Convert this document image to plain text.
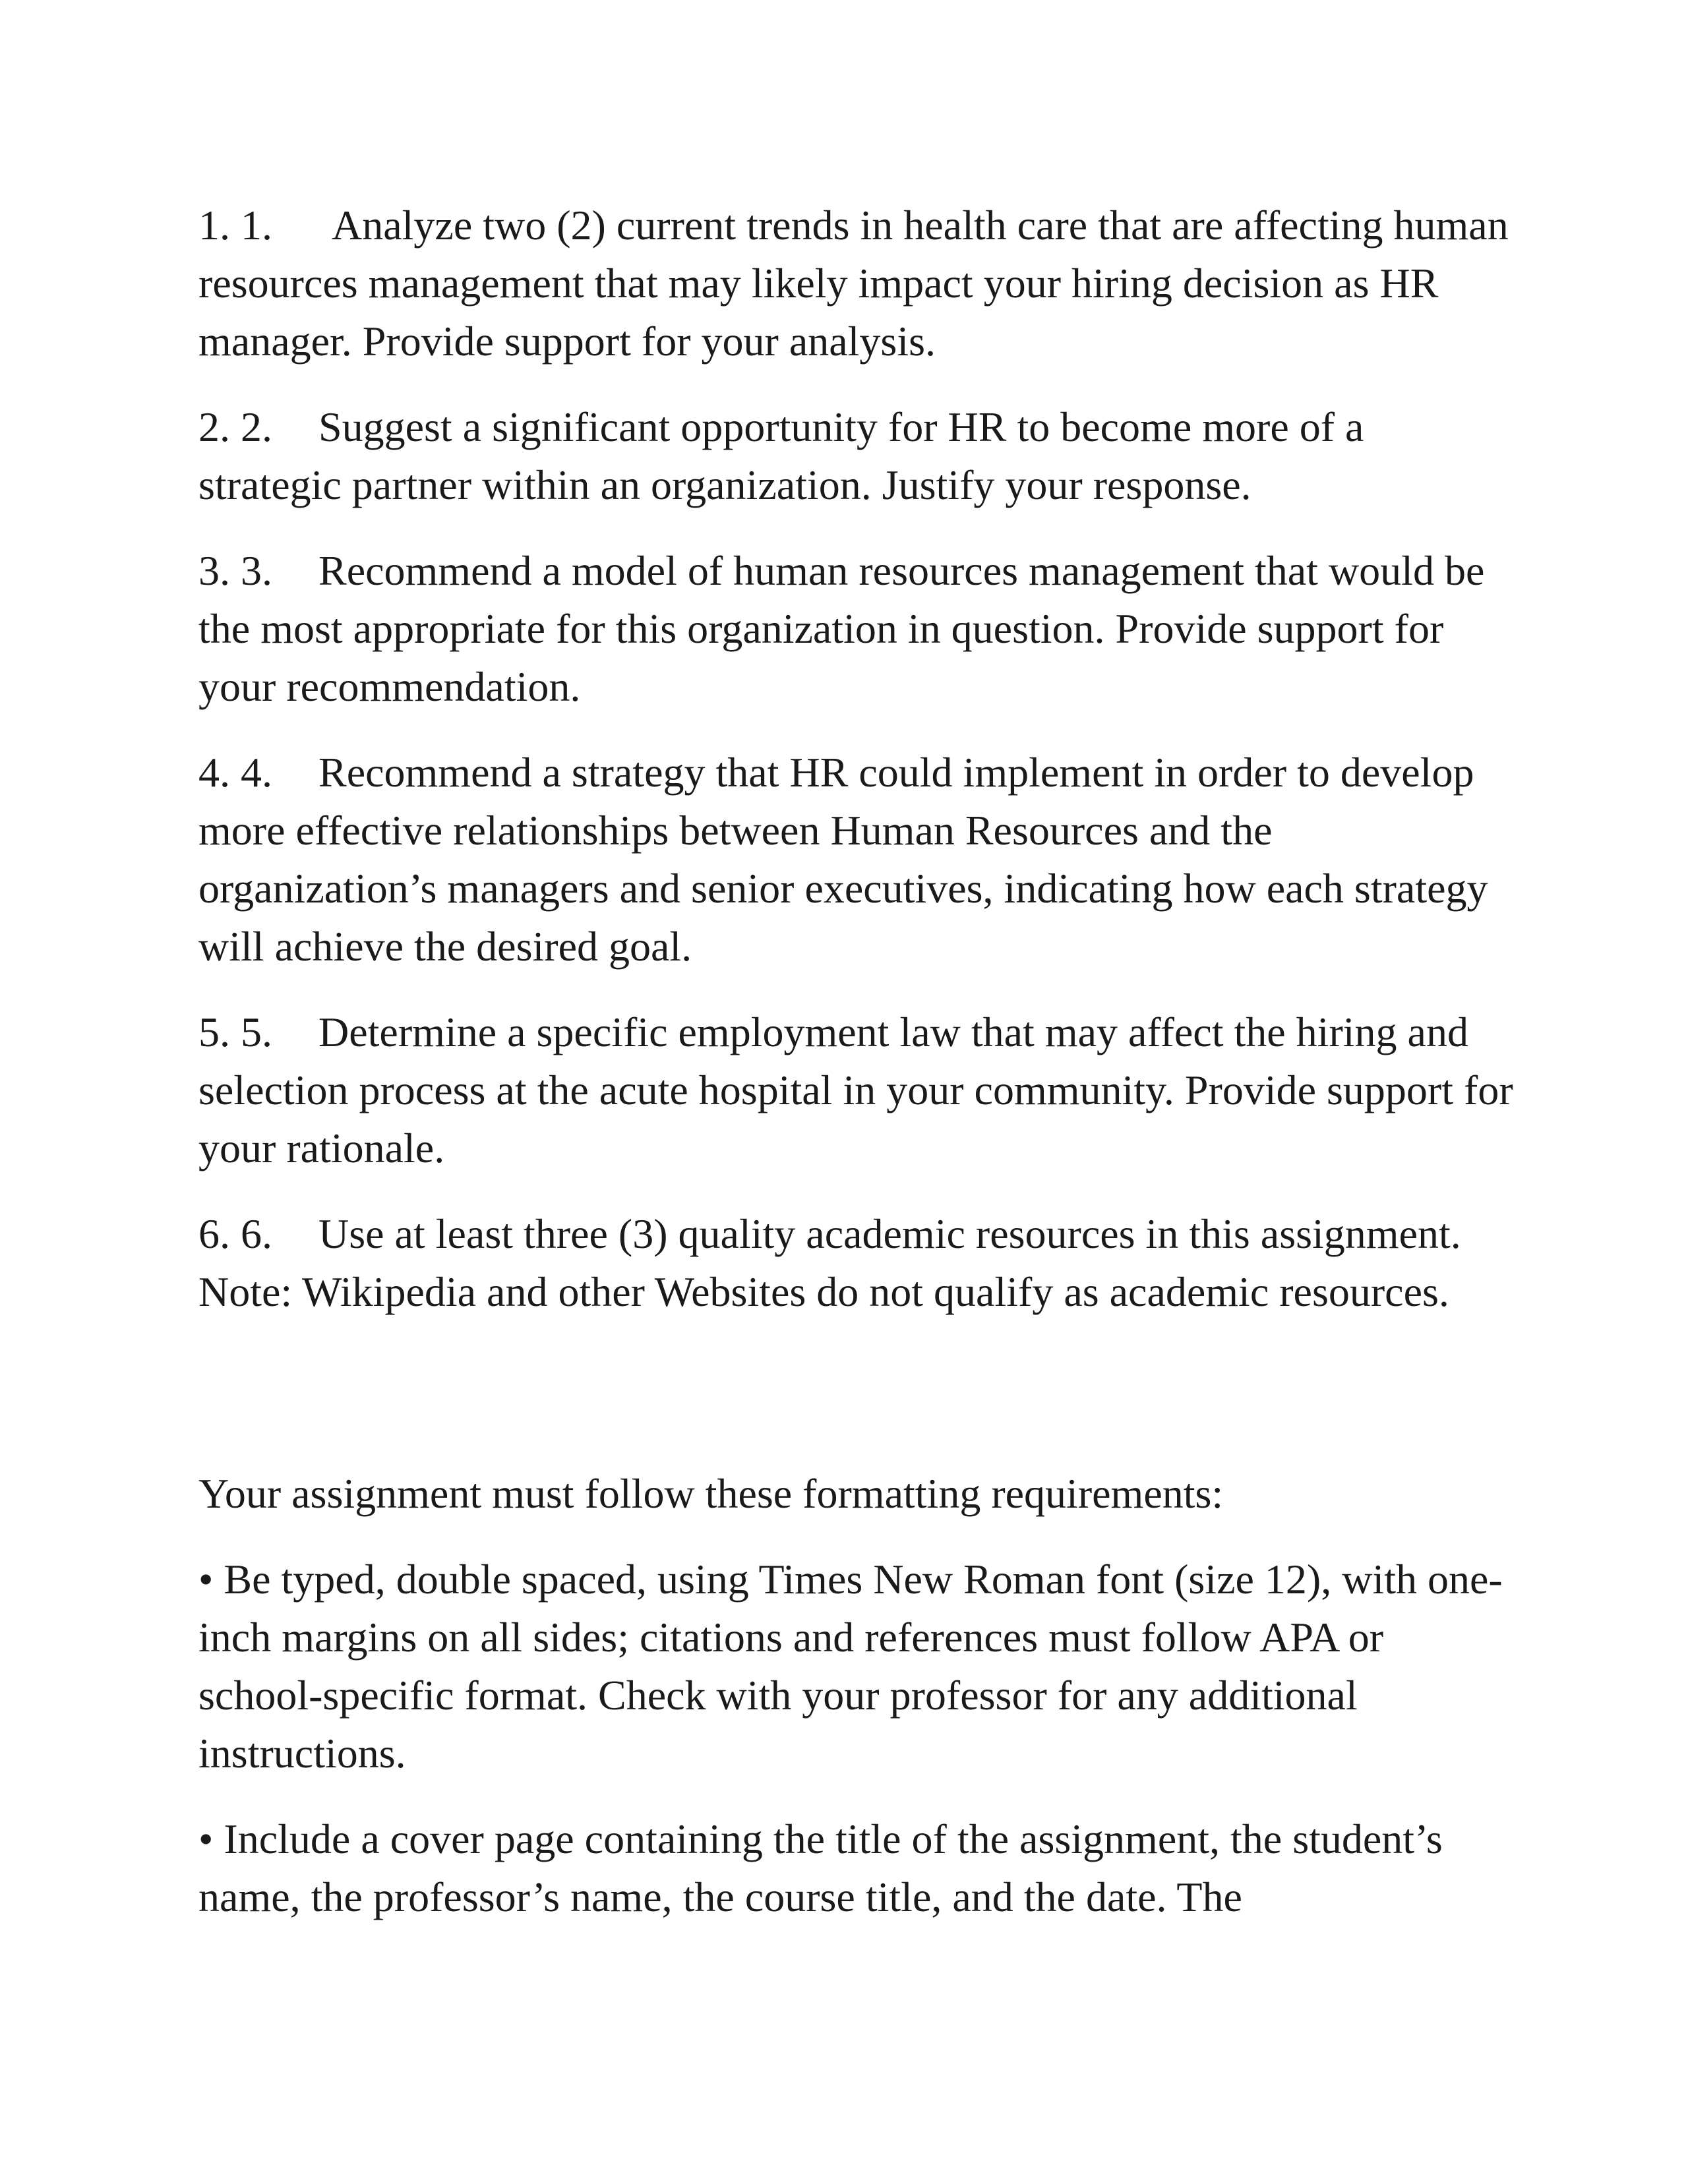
1. 1. Analyze two (2) current trends in health care that are affecting human resources management that may likely impact your hiring decision as HR manager. Provide support for your analysis.

2. 2. Suggest a significant opportunity for HR to become more of a strategic partner within an organization. Justify your response.

3. 3. Recommend a model of human resources management that would be the most appropriate for this organization in question. Provide support for your recommendation.

4. 4. Recommend a strategy that HR could implement in order to develop more effective relationships between Human Resources and the organization’s managers and senior executives, indicating how each strategy will achieve the desired goal.

5. 5. Determine a specific employment law that may affect the hiring and selection process at the acute hospital in your community. Provide support for your rationale.

6. 6. Use at least three (3) quality academic resources in this assignment. Note: Wikipedia and other Websites do not qualify as academic resources.

Your assignment must follow these formatting requirements:

• Be typed, double spaced, using Times New Roman font (size 12), with one-inch margins on all sides; citations and references must follow APA or school-specific format. Check with your professor for any additional instructions.

• Include a cover page containing the title of the assignment, the student’s name, the professor’s name, the course title, and the date. The
